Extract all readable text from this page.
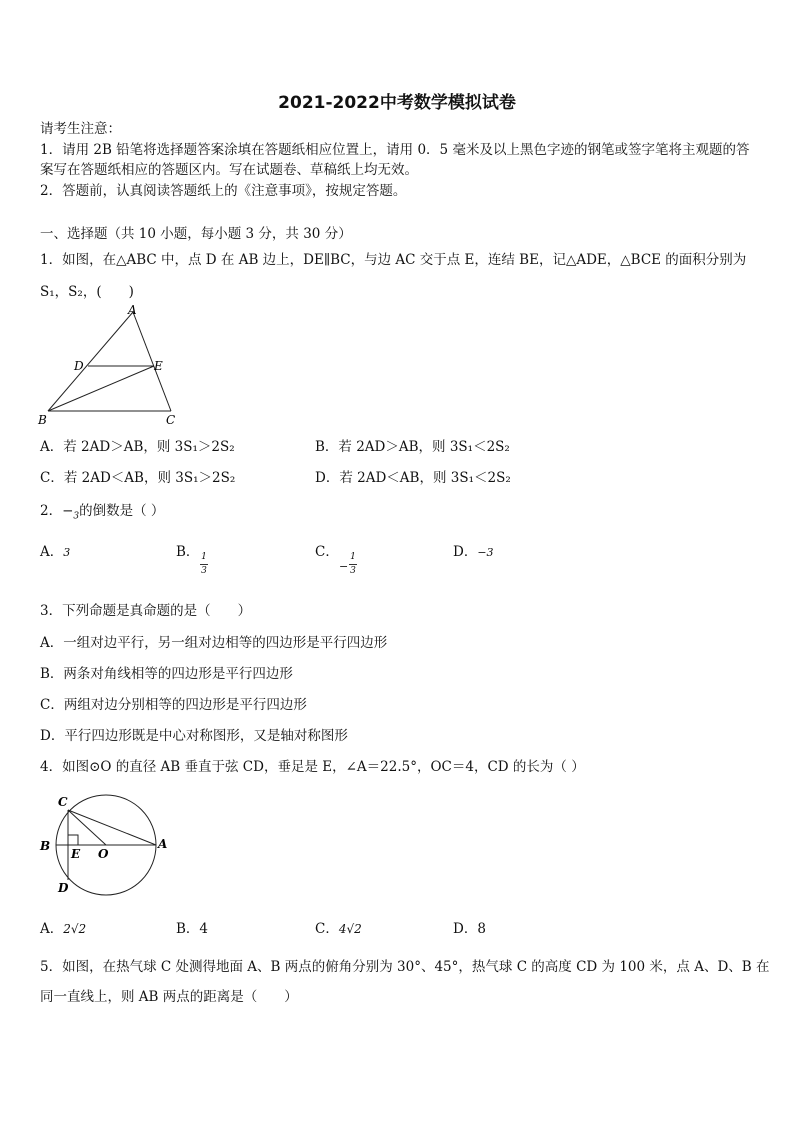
2021-2022中考数学模拟试卷
请考生注意：
1．请用 2B 铅笔将选择题答案涂填在答题纸相应位置上，请用 0．5 毫米及以上黑色字迹的钢笔或签字笔将主观题的答
案写在答题纸相应的答题区内。写在试题卷、草稿纸上均无效。
2．答题前，认真阅读答题纸上的《注意事项》，按规定答题。
一、选择题（共 10 小题，每小题 3 分，共 30 分）
1．如图，在△ABC 中，点 D 在 AB 边上，DE∥BC，与边 AC 交于点 E，连结 BE，记△ADE，△BCE 的面积分别为
S₁，S₂，(　　)
A
D	E
B	C
A．若 2AD＞AB，则 3S₁＞2S₂	B．若 2AD＞AB，则 3S₁＜2S₂
C．若 2AD＜AB，则 3S₁＞2S₂	D．若 2AD＜AB，则 3S₁＜2S₂
2．$-_3$的倒数是（ ）
A．3	B． 1
3
C．
−
1
3
D．−3
3．下列命题是真命题的是（　　）
A．一组对边平行，另一组对边相等的四边形是平行四边形
B．两条对角线相等的四边形是平行四边形
C．两组对边分别相等的四边形是平行四边形
D．平行四边形既是中心对称图形，又是轴对称图形
4．如图⊙O 的直径 AB 垂直于弦 CD，垂足是 E，∠A＝22.5°，OC＝4，CD 的长为（ ）
C
B
E O
A
D
A．2√2	B．4	C．4√2	D．8
5．如图，在热气球 C 处测得地面 A、B 两点的俯角分别为 30°、45°，热气球 C 的高度 CD 为 100 米，点 A、D、B 在
同一直线上，则 AB 两点的距离是（　　）
